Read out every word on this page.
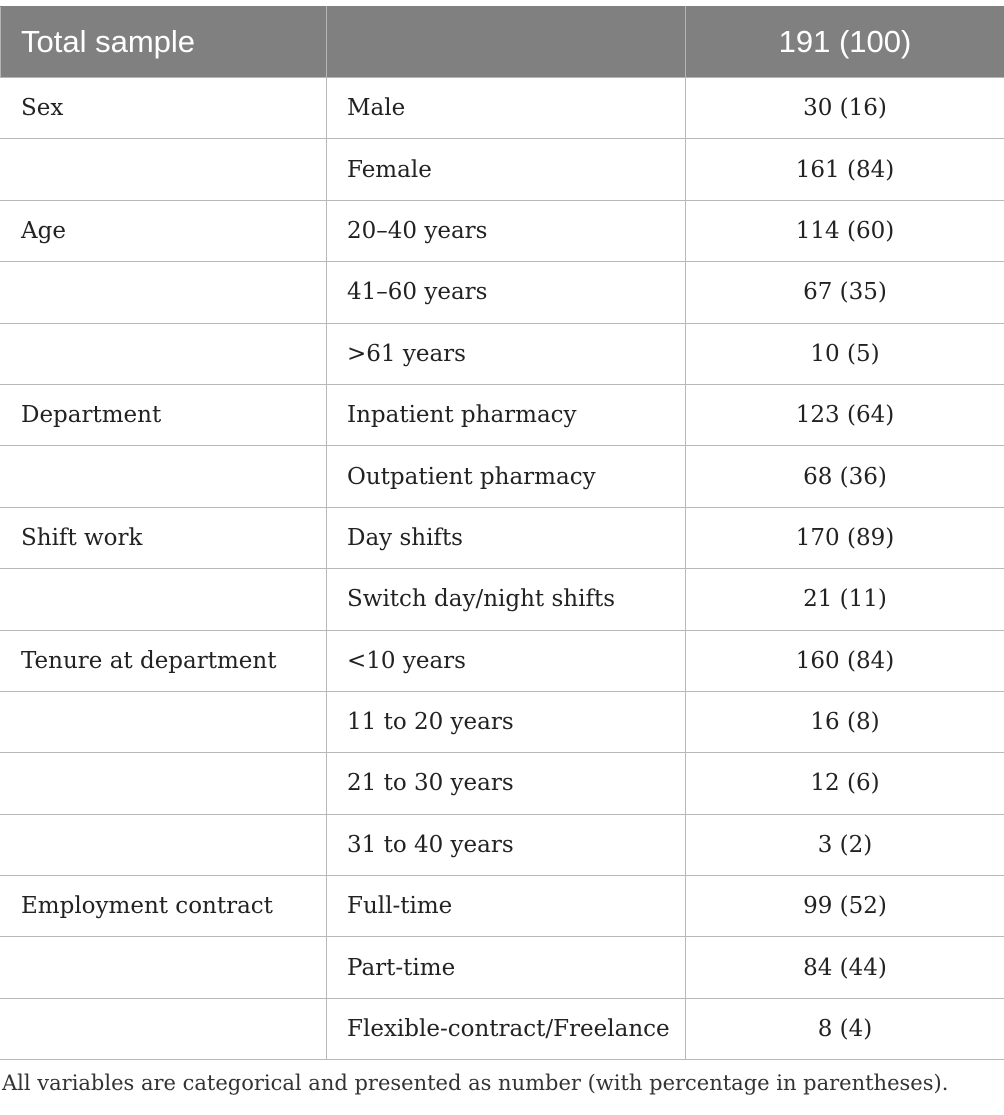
Total sample		191 (100)
Sex	Male	30 (16)
	Female	161 (84)
Age	20–40 years	114 (60)
	41–60 years	67 (35)
	>61 years	10 (5)
Department	Inpatient pharmacy	123 (64)
	Outpatient pharmacy	68 (36)
Shift work	Day shifts	170 (89)
	Switch day/night shifts	21 (11)
Tenure at department	<10 years	160 (84)
	11 to 20 years	16 (8)
	21 to 30 years	12 (6)
	31 to 40 years	3 (2)
Employment contract	Full-time	99 (52)
	Part-time	84 (44)
	Flexible-contract/Freelance	8 (4)
All variables are categorical and presented as number (with percentage in parentheses).
